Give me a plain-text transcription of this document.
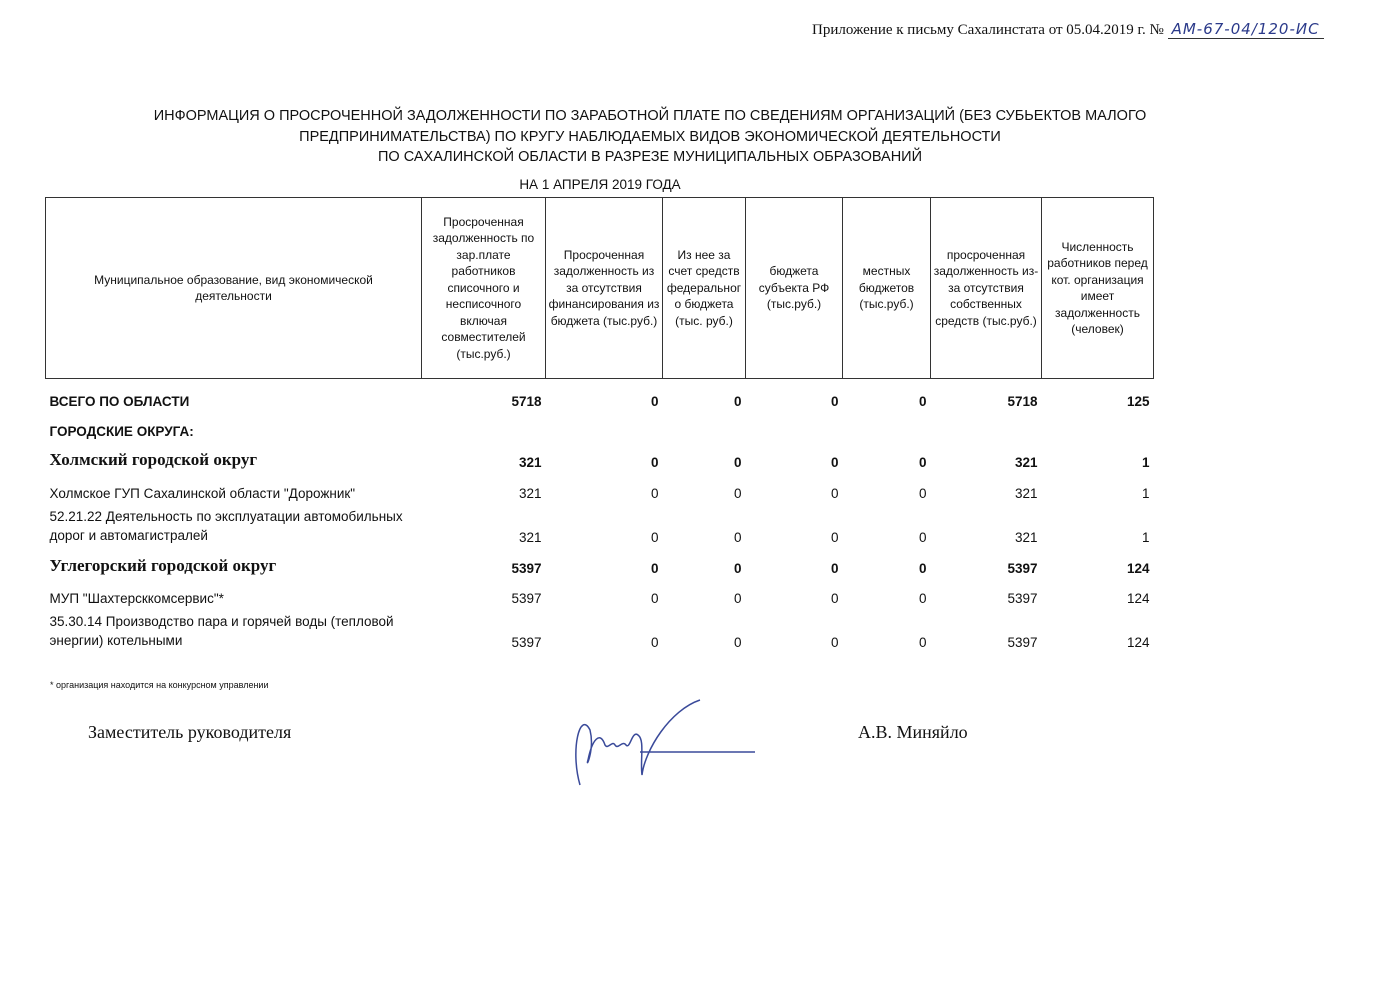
Приложение к письму Сахалинстата от 05.04.2019 г. № АМ-67-04/120-ИС
ИНФОРМАЦИЯ О ПРОСРОЧЕННОЙ ЗАДОЛЖЕННОСТИ ПО ЗАРАБОТНОЙ ПЛАТЕ ПО СВЕДЕНИЯМ ОРГАНИЗАЦИЙ (БЕЗ СУБЬЕКТОВ МАЛОГО
ПРЕДПРИНИМАТЕЛЬСТВА) ПО КРУГУ НАБЛЮДАЕМЫХ ВИДОВ ЭКОНОМИЧЕСКОЙ ДЕЯТЕЛЬНОСТИ
ПО САХАЛИНСКОЙ ОБЛАСТИ В РАЗРЕЗЕ МУНИЦИПАЛЬНЫХ ОБРАЗОВАНИЙ
НА 1 АПРЕЛЯ 2019 ГОДА
Муниципальное образование, вид экономической деятельности	Просроченная задолженность по зар.плате работников списочного и несписочного включая совместителей (тыс.руб.)	Просроченная задолженность из за отсутствия финансирования из бюджета (тыс.руб.)	Из нее за счет средств федеральног о бюджета (тыс. руб.)	бюджета субъекта РФ (тыс.руб.)	местных бюджетов (тыс.руб.)	просроченная задолженность из-за отсутствия собственных средств (тыс.руб.)	Численность работников перед кот. организация имеет задолженность (человек)
ВСЕГО ПО ОБЛАСТИ	5718	0	0	0	0	5718	125
ГОРОДСКИЕ ОКРУГА:							
Холмский городской округ	321	0	0	0	0	321	1
Холмское ГУП Сахалинской области "Дорожник"	321	0	0	0	0	321	1
52.21.22 Деятельность по эксплуатации автомобильных дорог и автомагистралей	321	0	0	0	0	321	1
Углегорский городской округ	5397	0	0	0	0	5397	124
МУП "Шахтерсккомсервис"*	5397	0	0	0	0	5397	124
35.30.14 Производство пара и горячей воды (тепловой энергии) котельными	5397	0	0	0	0	5397	124
* организация находится на конкурсном управлении
Заместитель руководителя	А.В. Миняйло
